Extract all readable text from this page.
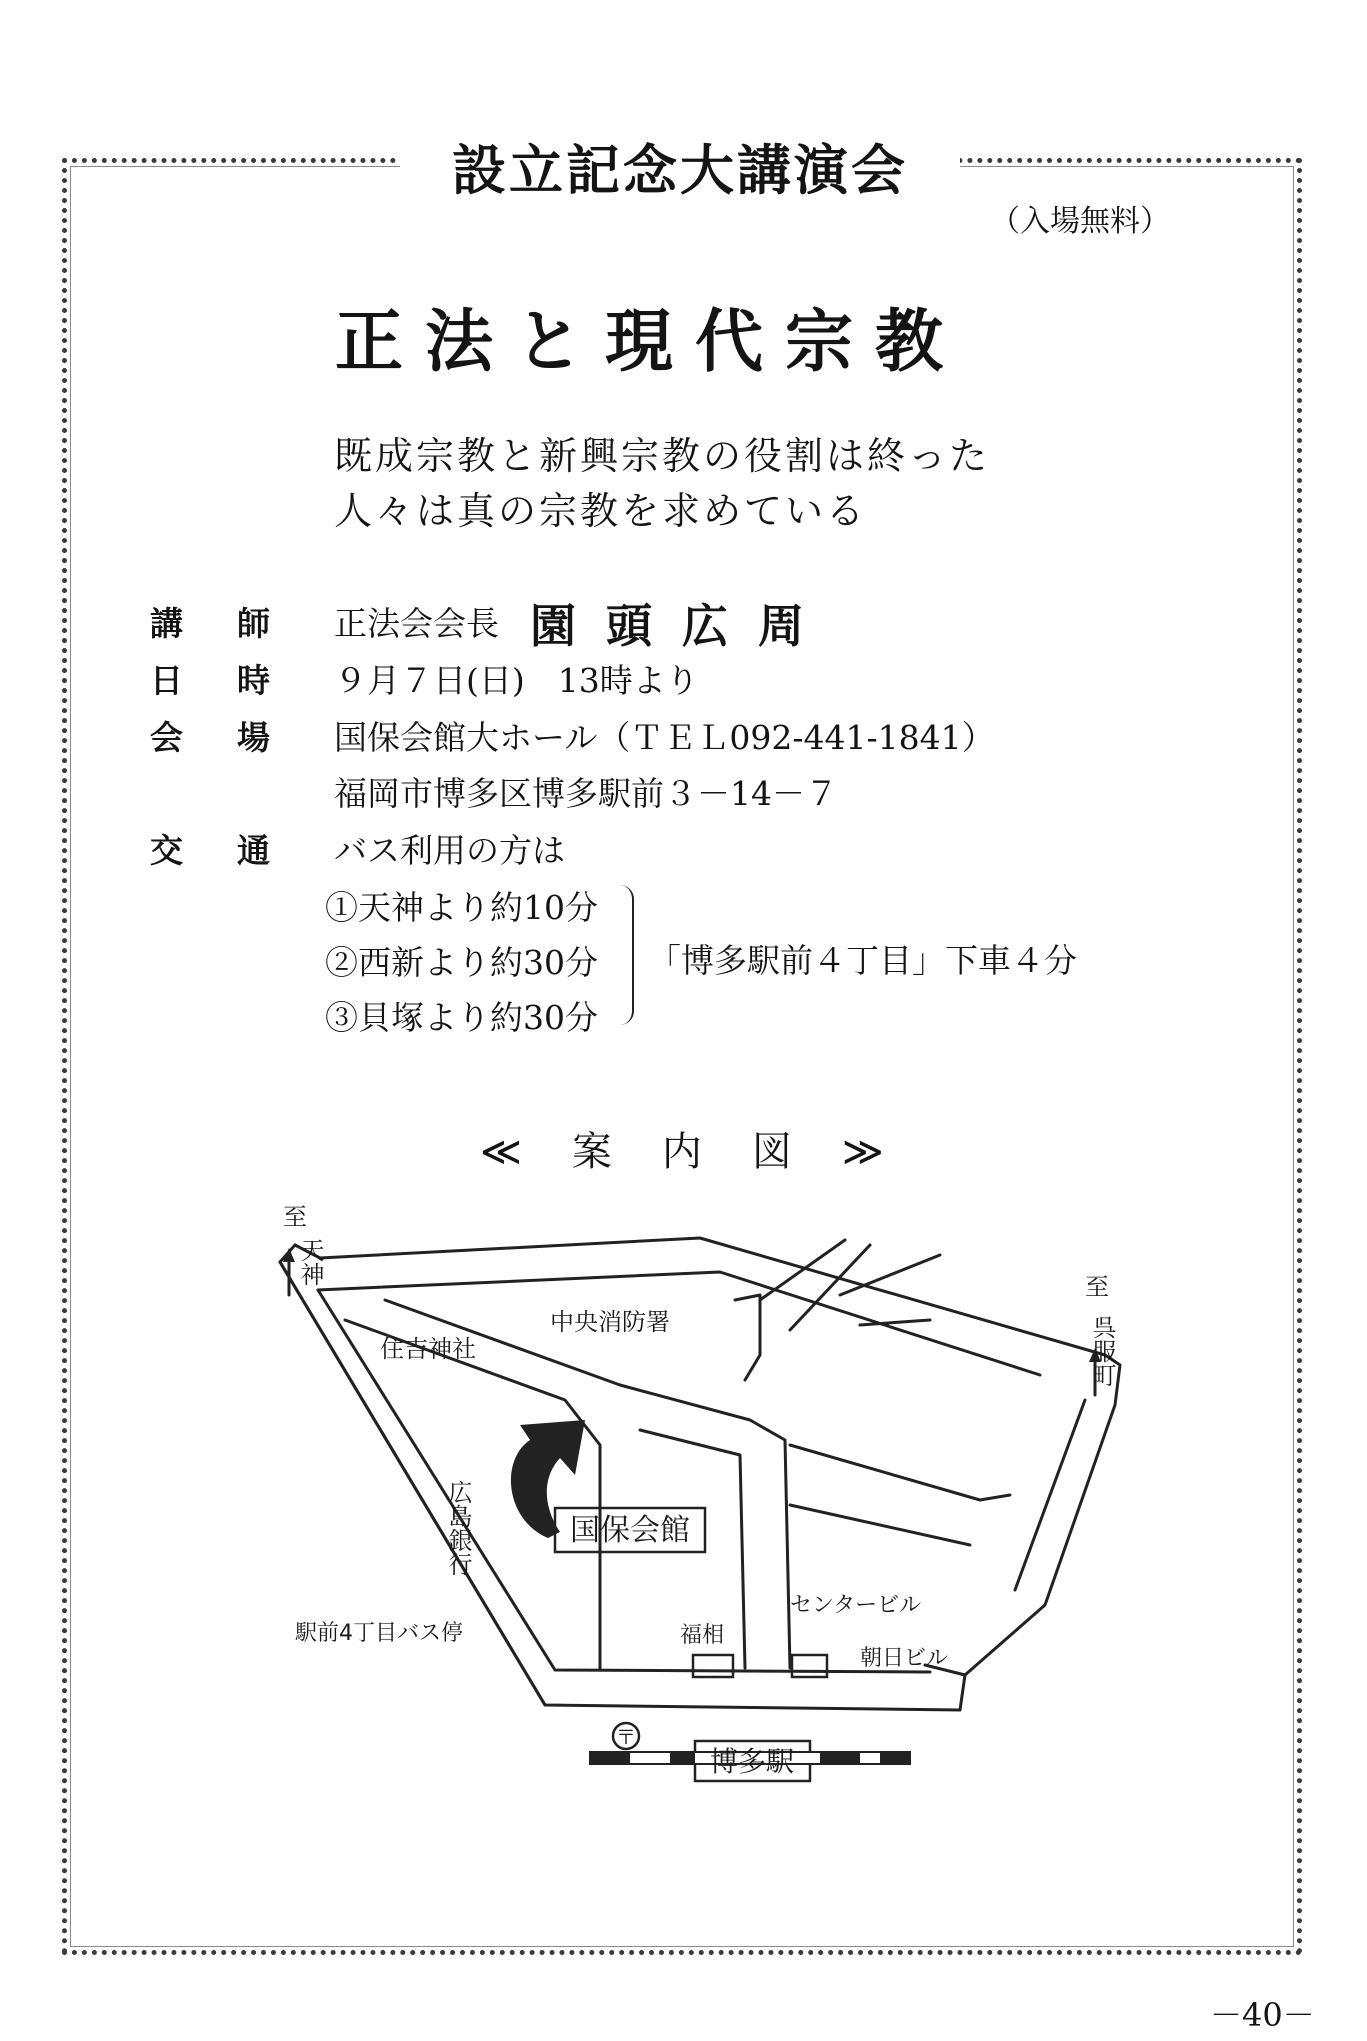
設立記念大講演会
（入場無料）
正法と現代宗教
既成宗教と新興宗教の役割は終った
人々は真の宗教を求めている
講師 正法会会長 園頭広周
日時 ９月７日(日)　13時より
会場 国保会館大ホール（ＴＥＬ092-441-1841）
福岡市博多区博多駅前３－14－７
交通 バス利用の方は
①天神より約10分
②西新より約30分
③貝塚より約30分
「博多駅前４丁目」下車４分
≪案内図≫
至
天神
至
呉服町
中央消防署
住吉神社
広島銀行	国保会館
駅前4丁目バス停	福相
センタービル
朝日ビル
〒
博多駅
－40－
